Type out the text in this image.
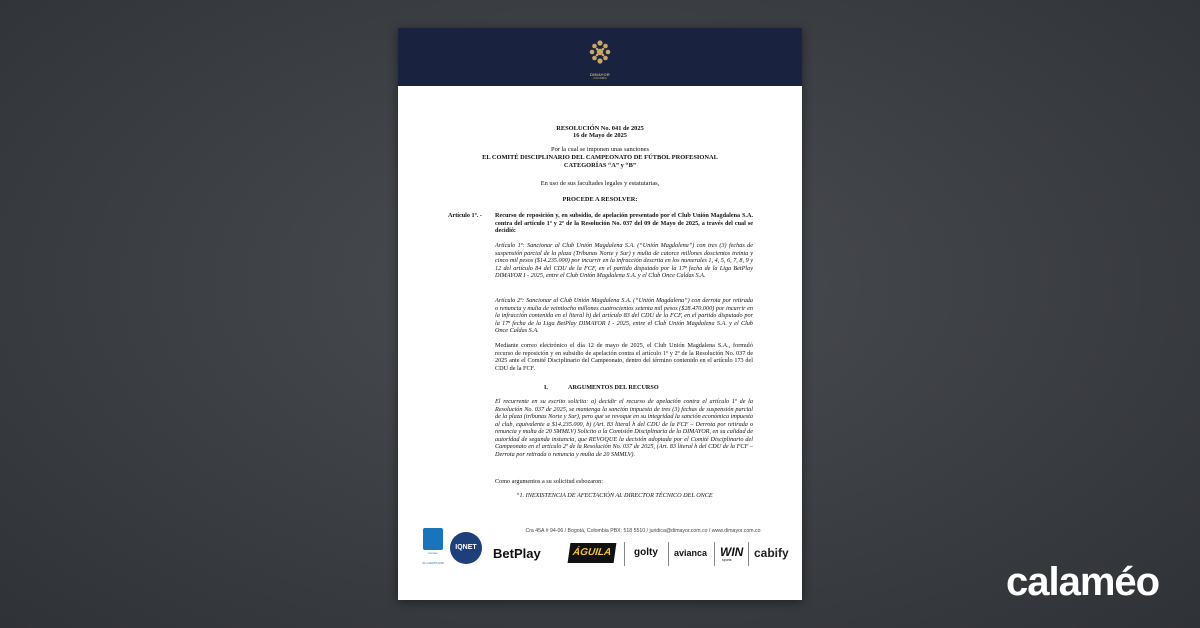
DIMAYOR
COLOMBIA
RESOLUCIÓN No. 041 de 2025
16 de Mayo de 2025
Por la cual se imponen unas sanciones
EL COMITÉ DISCIPLINARIO DEL CAMPEONATO DE FÚTBOL PROFESIONAL
CATEGORÍAS “A” y “B”
En uso de sus facultades legales y estatutarias,
PROCEDE A RESOLVER:
Artículo 1º. - Recurso de reposición y, en subsidio, de apelación presentado por el Club Unión Magdalena S.A. contra del artículo 1º y 2º de la Resolución No. 037 del 09 de Mayo de 2025, a través del cual se decidió:
Artículo 1º: Sancionar al Club Unión Magdalena S.A. (“Unión Magdalena”) con tres (3) fechas de suspensión parcial de la plaza (Tribunas Norte y Sur) y multa de catorce millones doscientos treinta y cinco mil pesos ($14.235.000) por incurrir en la infracción descrita en los numerales 1, 4, 5, 6, 7, 8, 9 y 12 del artículo 84 del CDU de la FCF, en el partido disputado por la 17ª fecha de la Liga BetPlay DIMAYOR I - 2025, entre el Club Unión Magdalena S.A. y el Club Once Caldas S.A.
Artículo 2º: Sancionar al Club Unión Magdalena S.A. (“Unión Magdalena”) con derrota por retirada o renuncia y multa de veintiocho millones cuatrocientos setenta mil pesos ($28.470.000) por incurrir en la infracción contenida en el literal h) del artículo 83 del CDU de la FCF, en el partido disputado por la 17ª fecha de la Liga BetPlay DIMAYOR I - 2025, entre el Club Unión Magdalena S.A. y el Club Once Caldas S.A.
Mediante correo electrónico el día 12 de mayo de 2025, el Club Unión Magdalena S.A., formuló recurso de reposición y en subsidio de apelación contra el artículo 1º y 2º de la Resolución No. 037 de 2025 ante el Comité Disciplinario del Campeonato, dentro del término contenido en el artículo 173 del CDU de la FCF.
I.	ARGUMENTOS DEL RECURSO
El recurrente en su escrito solicita: a) decidir el recurso de apelación contra el artículo 1º de la Resolución No. 037 de 2025, se mantenga la sanción impuesta de tres (3) fechas de suspensión parcial de la plaza (tribunas Norte y Sur), pero que se revoque en su integridad la sanción económica impuesta al club, equivalente a $14.235.000, b) (Art. 83 literal h del CDU de la FCF – Derrota por retirada o renuncia y multa de 20 SMMLV) Solicito a la Comisión Disciplinaria de la DIMAYOR, en su calidad de autoridad de segunda instancia, que REVOQUE la decisión adoptada por el Comité Disciplinario del Campeonato en el artículo 2º de la Resolución No. 037 de 2025, (Art. 83 literal h del CDU de la FCF – Derrota por retirada o renuncia y multa de 20 SMMLV).
Como argumentos a su solicitud esbozaron:
“1. INEXISTENCIA DE AFECTACIÓN AL DIRECTOR TÉCNICO DEL ONCE
Cra 45A # 94-06 / Bogotá, Colombia PBX: 518 5510 / juridica@dimayor.com.co / www.dimayor.com.co
icontec
SC-CER571198
IQNET	BetPlay	ÁGUILA	golty avianca WIN
sports cabify
calaméo
